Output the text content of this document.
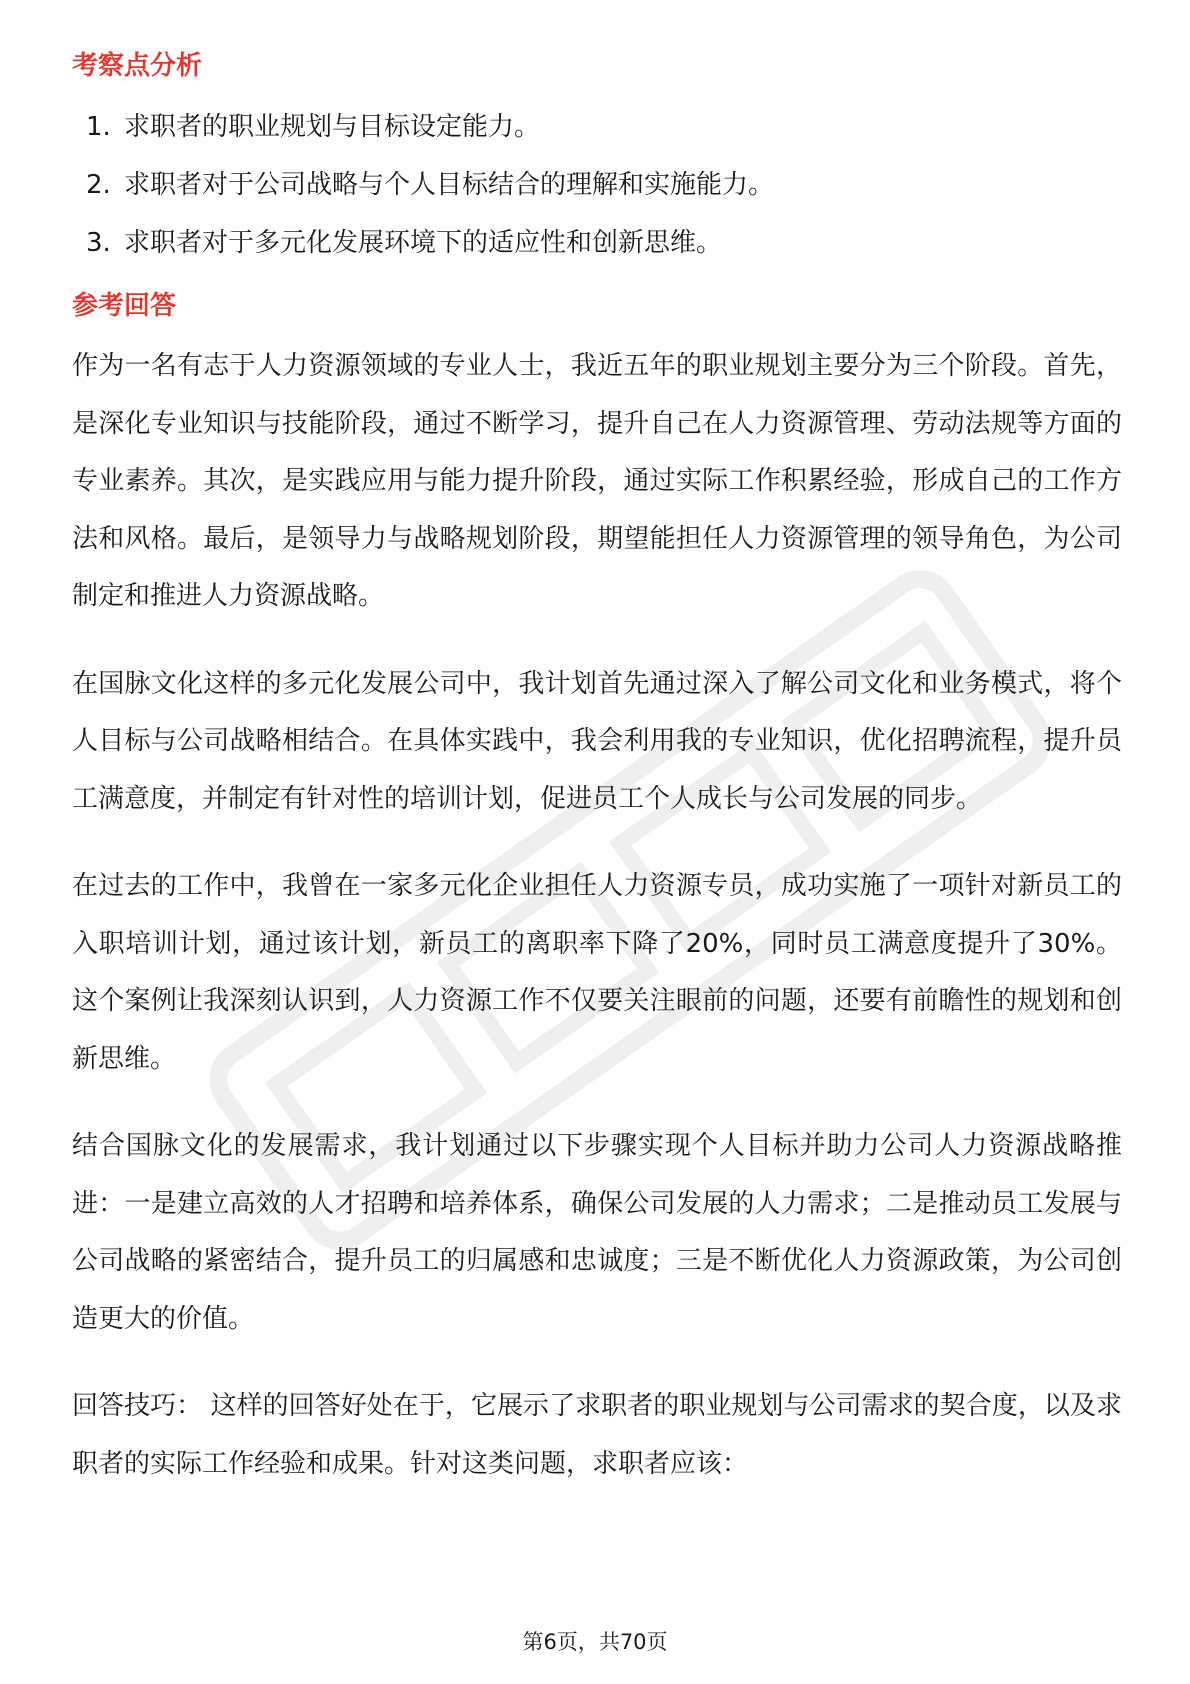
考察点分析
1. 求职者的职业规划与目标设定能力。
2. 求职者对于公司战略与个人目标结合的理解和实施能力。
3. 求职者对于多元化发展环境下的适应性和创新思维。
参考回答

作为一名有志于人力资源领域的专业人士，我近五年的职业规划主要分为三个阶段。首先，是深化专业知识与技能阶段，通过不断学习，提升自己在人力资源管理、劳动法规等方面的专业素养。其次，是实践应用与能力提升阶段，通过实际工作积累经验，形成自己的工作方法和风格。最后，是领导力与战略规划阶段，期望能担任人力资源管理的领导角色，为公司制定和推进人力资源战略。

在国脉文化这样的多元化发展公司中，我计划首先通过深入了解公司文化和业务模式，将个人目标与公司战略相结合。在具体实践中，我会利用我的专业知识，优化招聘流程，提升员工满意度，并制定有针对性的培训计划，促进员工个人成长与公司发展的同步。

在过去的工作中，我曾在一家多元化企业担任人力资源专员，成功实施了一项针对新员工的入职培训计划，通过该计划，新员工的离职率下降了20%，同时员工满意度提升了30%。这个案例让我深刻认识到，人力资源工作不仅要关注眼前的问题，还要有前瞻性的规划和创新思维。

结合国脉文化的发展需求，我计划通过以下步骤实现个人目标并助力公司人力资源战略推进：一是建立高效的人才招聘和培养体系，确保公司发展的人力需求；二是推动员工发展与公司战略的紧密结合，提升员工的归属感和忠诚度；三是不断优化人力资源政策，为公司创造更大的价值。

回答技巧： 这样的回答好处在于，它展示了求职者的职业规划与公司需求的契合度，以及求职者的实际工作经验和成果。针对这类问题，求职者应该：

第6页，共70页
